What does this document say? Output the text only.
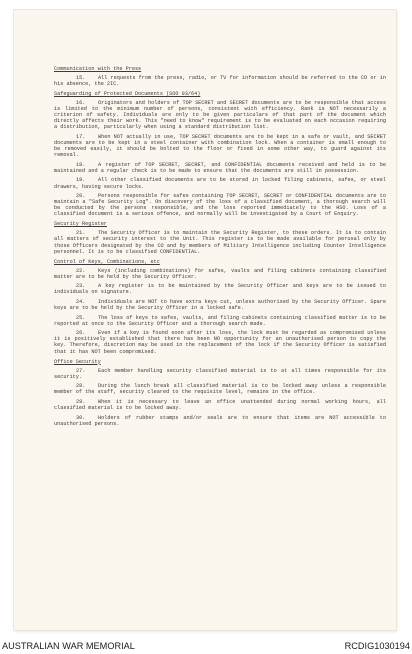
Communication with the Press
15. All requests from the press, radio, or TV for information should be referred to the CO or in his absence, the 2IC.
Safeguarding of Protected Documents (SOO 03/64)
16. Originators and holders of TOP SECRET and SECRET documents are to be responsible that access is limited to the minimum number of persons, consistent with efficiency. Rank is NOT necessarily a criterion of safety. Individuals are only to be given particulars of that part of the document which directly affects their work. This "need to know" requirement is to be evaluated on each occasion requiring a distribution, particularly when using a standard distribution list.
17. When NOT actually in use, TOP SECRET documents are to be kept in a safe or vault, and SECRET documents are to be kept in a steel container with combination lock. When a container is small enough to be removed easily, it should be bolted to the floor or fixed in some other way, to guard against its removal.
18. A register of TOP SECRET, SECRET, and CONFIDENTIAL documents received and held is to be maintained and a regular check is to be made to ensure that the documents are still in possession.
19. All other classified documents are to be stored in locked filing cabinets, safes, or steel drawers, having secure locks.
20. Persons responsible for safes containing TOP SECRET, SECRET or CONFIDENTIAL documents are to maintain a "Safe Security Log". On discovery of the loss of a classified document, a thorough search will be conducted by the persons responsible, and the loss reported immediately to the HSO. Loss of a classified document is a serious offence, and normally will be investigated by a Court of Enquiry.
Security Register
21. The Security Officer is to maintain the Security Register, to these orders. It is to contain all matters of security interest to the Unit. This register is to be made available for perusal only by those Officers designated by the CO and by members of Military Intelligence including Counter Intelligence personnel. It is to be classified CONFIDENTIAL.
Control of Keys, Combinations, etc
22. Keys (including combinations) for safes, vaults and filing cabinets containing classified matter are to be held by the Security Officer.
23. A key register is to be maintained by the Security Officer and keys are to be issued to individuals on signature.
24. Individuals are NOT to have extra keys cut, unless authorised by the Security Officer. Spare keys are to be held by the Security Officer in a locked safe.
25. The loss of keys to safes, vaults, and filing cabinets containing classified matter is to be reported at once to the Security Officer and a thorough search made.
26. Even if a key is found soon after its loss, the lock must be regarded as compromised unless it is positively established that there has been NO opportunity for an unauthorised person to copy the key. Therefore, discretion may be used in the replacement of the lock if the Security Officer is satisfied that it has NOT been compromised.
Office Security
27. Each member handling security classified material is to at all times responsible for its security.
28. During the lunch break all classified material is to be locked away unless a responsible member of the staff, security cleared to the requisite level, remains in the office.
29. When it is necessary to leave an office unattended during normal working hours, all classified material is to be locked away.
30. Holders of rubber stamps and/or seals are to ensure that items are NOT accessible to unauthorised persons.
AUSTRALIAN WAR MEMORIAL	RCDIG1030194
